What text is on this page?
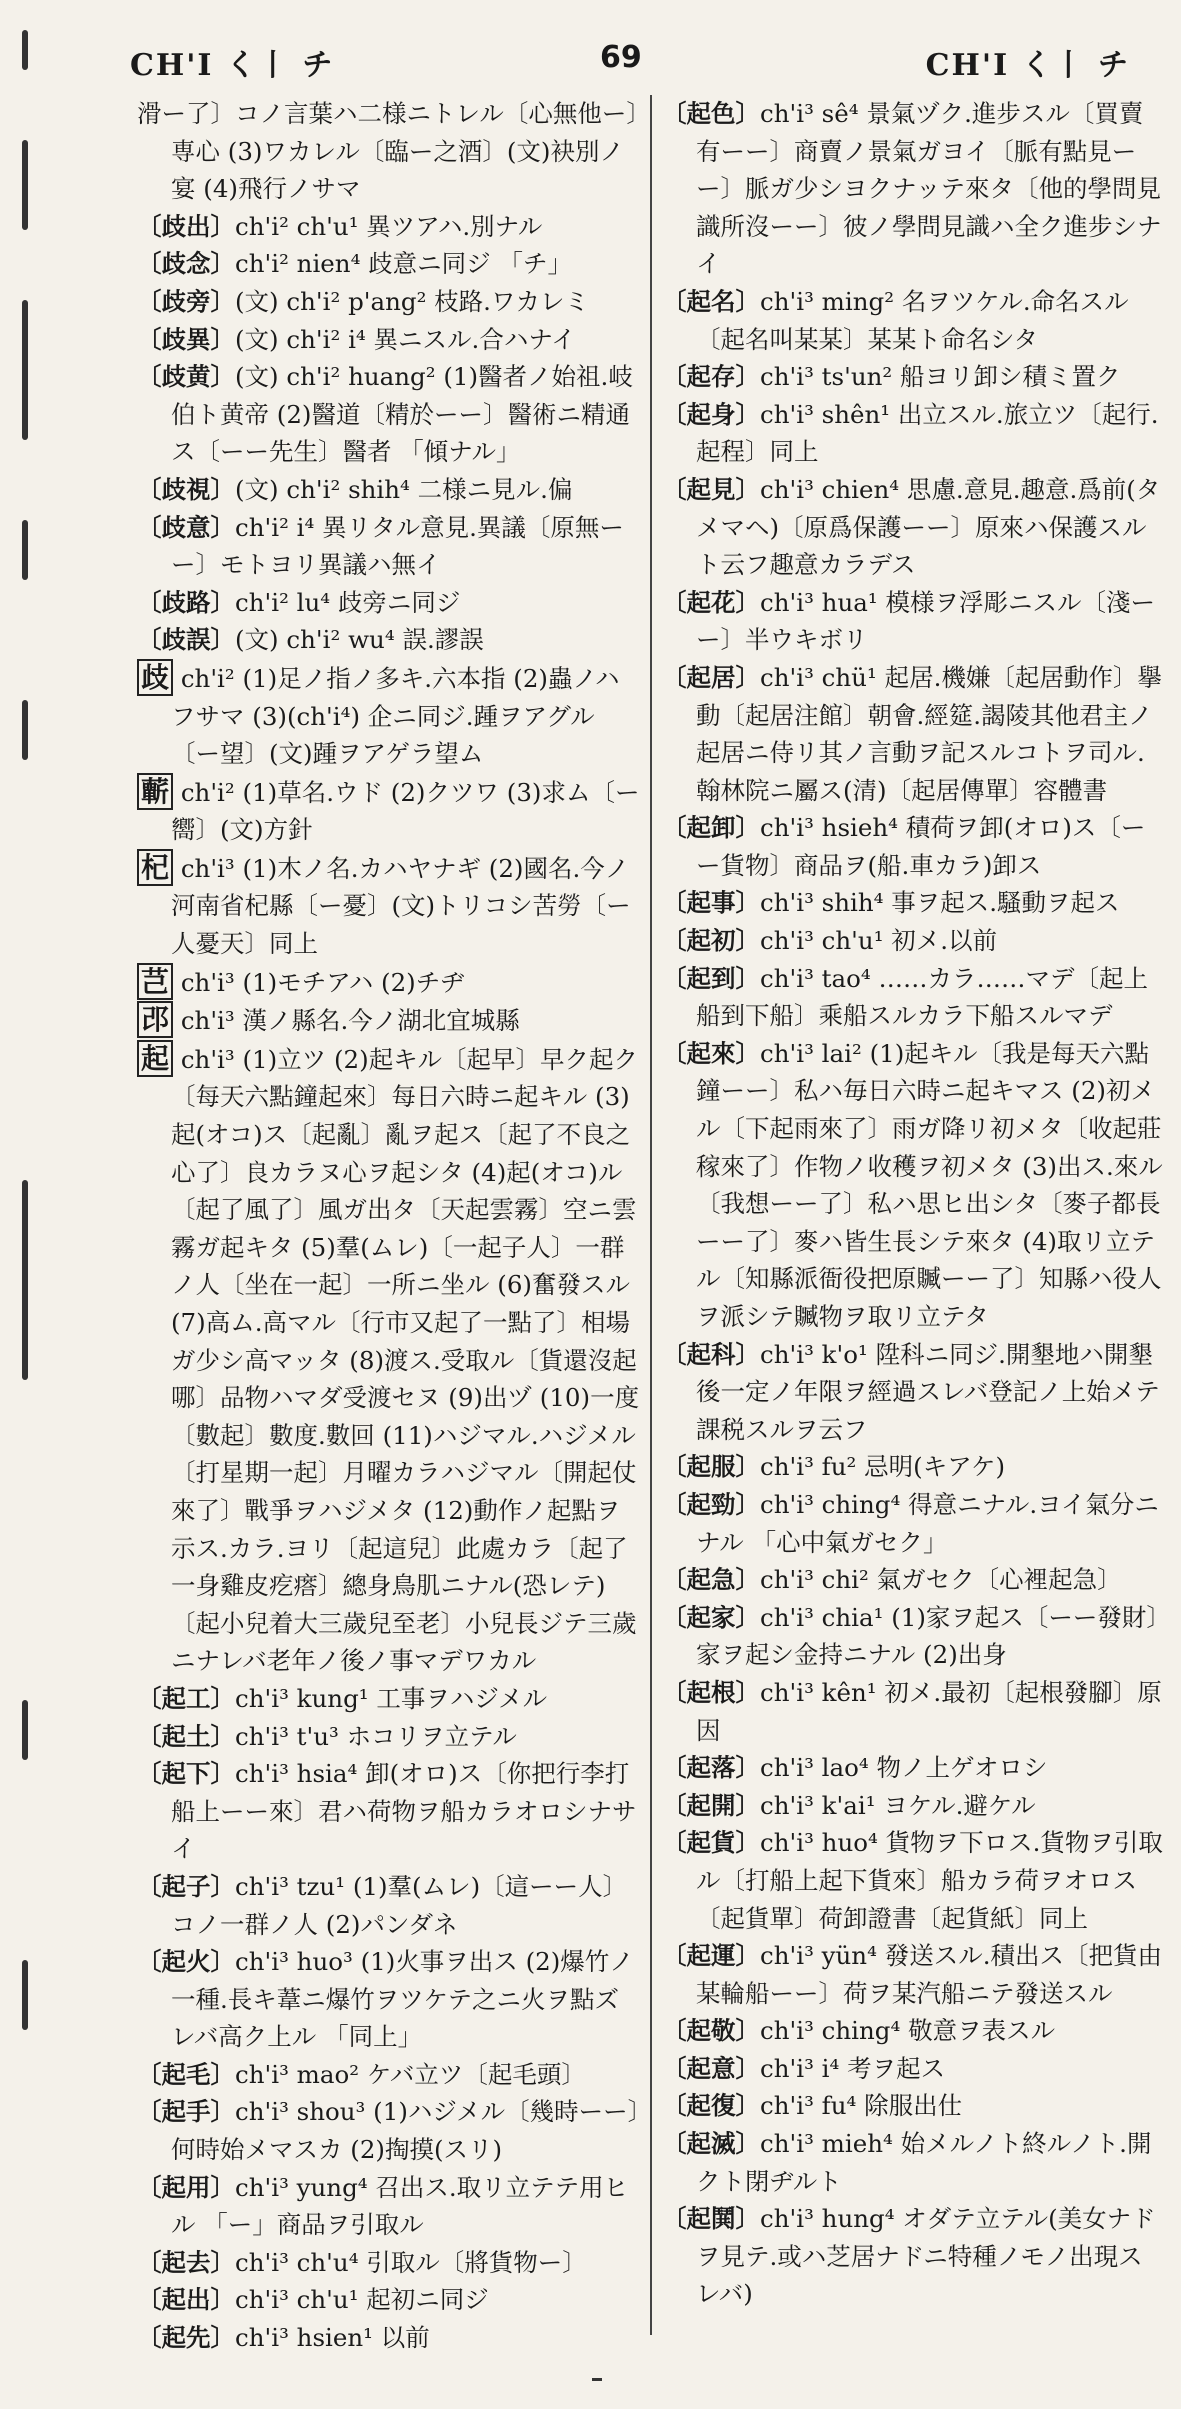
CH'I く丨 チ	69	CH'I く丨 チ

滑ー了〕コノ言葉ハ二様ニトレル〔心無他ー〕専心 (3)ワカレル〔臨ー之酒〕(文)袂別ノ宴 (4)飛行ノサマ

〔歧出〕ch'i² ch'u¹ 異ツアハ.別ナル

〔歧念〕ch'i² nien⁴ 歧意ニ同ジ 「チ」

〔歧旁〕(文) ch'i² p'ang² 枝路.ワカレミ

〔歧異〕(文) ch'i² i⁴ 異ニスル.合ハナイ

〔歧黄〕(文) ch'i² huang² (1)醫者ノ始祖.岐伯ト黄帝 (2)醫道〔精於ーー〕醫術ニ精通ス〔ーー先生〕醫者 「傾ナル」

〔歧視〕(文) ch'i² shih⁴ 二様ニ見ル.偏

〔歧意〕ch'i² i⁴ 異リタル意見.異議〔原無ーー〕モトヨリ異議ハ無イ

〔歧路〕ch'i² lu⁴ 歧旁ニ同ジ

〔歧誤〕(文) ch'i² wu⁴ 誤.謬誤

歧 ch'i² (1)足ノ指ノ多キ.六本指 (2)蟲ノハフサマ (3)(ch'i⁴) 企ニ同ジ.踵ヲアグル〔ー望〕(文)踵ヲアゲラ望ム

蘄 ch'i² (1)草名.ウド (2)クツワ (3)求ム〔ー嚮〕(文)方針

杞 ch'i³ (1)木ノ名.カハヤナギ (2)國名.今ノ河南省杞縣〔ー憂〕(文)トリコシ苦勞〔ー人憂天〕同上

芑 ch'i³ (1)モチアハ (2)チヂ

邔 ch'i³ 漢ノ縣名.今ノ湖北宜城縣

起 ch'i³ (1)立ツ (2)起キル〔起早〕早ク起ク〔每天六點鐘起來〕每日六時ニ起キル (3)起(オコ)ス〔起亂〕亂ヲ起ス〔起了不良之心了〕良カラヌ心ヲ起シタ (4)起(オコ)ル〔起了風了〕風ガ出タ〔天起雲霧〕空ニ雲霧ガ起キタ (5)羣(ムレ)〔一起子人〕一群ノ人〔坐在一起〕一所ニ坐ル (6)奮發スル (7)高ム.高マル〔行市又起了一點了〕相場ガ少シ高マッタ (8)渡ス.受取ル〔貨還沒起哪〕品物ハマダ受渡セヌ (9)出ヅ (10)一度〔數起〕數度.數回 (11)ハジマル.ハジメル〔打星期一起〕月曜カラハジマル〔開起仗來了〕戰爭ヲハジメタ (12)動作ノ起點ヲ示ス.カラ.ヨリ〔起這兒〕此處カラ〔起了一身雞皮疙瘩〕總身鳥肌ニナル(恐レテ)〔起小兒着大三歲兒至老〕小兒長ジテ三歲ニナレバ老年ノ後ノ事マデワカル

〔起工〕ch'i³ kung¹ 工事ヲハジメル

〔起土〕ch'i³ t'u³ ホコリヲ立テル

〔起下〕ch'i³ hsia⁴ 卸(オロ)ス〔你把行李打船上ーー來〕君ハ荷物ヲ船カラオロシナサイ

〔起子〕ch'i³ tzu¹ (1)羣(ムレ)〔這ーー人〕コノ一群ノ人 (2)パンダネ

〔起火〕ch'i³ huo³ (1)火事ヲ出ス (2)爆竹ノ一種.長キ葦ニ爆竹ヲツケテ之ニ火ヲ點ズレバ高ク上ル 「同上」

〔起毛〕ch'i³ mao² ケバ立ツ〔起毛頭〕

〔起手〕ch'i³ shou³ (1)ハジメル〔幾時ーー〕何時始メマスカ (2)掏摸(スリ)

〔起用〕ch'i³ yung⁴ 召出ス.取リ立テテ用ヒル 「ー」商品ヲ引取ル

〔起去〕ch'i³ ch'u⁴ 引取ル〔將貨物ー〕

〔起出〕ch'i³ ch'u¹ 起初ニ同ジ

〔起先〕ch'i³ hsien¹ 以前

〔起色〕ch'i³ sê⁴ 景氣ヅク.進步スル〔買賣有ーー〕商賣ノ景氣ガヨイ〔脈有點見ーー〕脈ガ少シヨクナッテ來タ〔他的學問見識所沒ーー〕彼ノ學問見識ハ全ク進步シナイ

〔起名〕ch'i³ ming² 名ヲツケル.命名スル〔起名叫某某〕某某ト命名シタ

〔起存〕ch'i³ ts'un² 船ヨリ卸シ積ミ置ク

〔起身〕ch'i³ shên¹ 出立スル.旅立ツ〔起行.起程〕同上

〔起見〕ch'i³ chien⁴ 思慮.意見.趣意.爲前(タメマヘ)〔原爲保護ーー〕原來ハ保護スルト云フ趣意カラデス

〔起花〕ch'i³ hua¹ 模様ヲ浮彫ニスル〔淺ーー〕半ウキボリ

〔起居〕ch'i³ chü¹ 起居.機嫌〔起居動作〕擧動〔起居注館〕朝會.經筵.謁陵其他君主ノ起居ニ侍リ其ノ言動ヲ記スルコトヲ司ル.翰林院ニ屬ス(清)〔起居傳單〕容體書

〔起卸〕ch'i³ hsieh⁴ 積荷ヲ卸(オロ)ス〔ーー貨物〕商品ヲ(船.車カラ)卸ス

〔起事〕ch'i³ shih⁴ 事ヲ起ス.騷動ヲ起ス

〔起初〕ch'i³ ch'u¹ 初メ.以前

〔起到〕ch'i³ tao⁴ ……カラ……マデ〔起上船到下船〕乘船スルカラ下船スルマデ

〔起來〕ch'i³ lai² (1)起キル〔我是每天六點鐘ーー〕私ハ毎日六時ニ起キマス (2)初メル〔下起雨來了〕雨ガ降リ初メタ〔收起莊稼來了〕作物ノ收穫ヲ初メタ (3)出ス.來ル〔我想ーー了〕私ハ思ヒ出シタ〔麥子都長ーー了〕麥ハ皆生長シテ來タ (4)取リ立テル〔知縣派衙役把原贓ーー了〕知縣ハ役人ヲ派シテ贓物ヲ取リ立テタ

〔起科〕ch'i³ k'o¹ 陞科ニ同ジ.開墾地ハ開墾後一定ノ年限ヲ經過スレバ登記ノ上始メテ課税スルヲ云フ

〔起服〕ch'i³ fu² 忌明(キアケ)

〔起勁〕ch'i³ ching⁴ 得意ニナル.ヨイ氣分ニナル 「心中氣ガセク」

〔起急〕ch'i³ chi² 氣ガセク〔心裡起急〕

〔起家〕ch'i³ chia¹ (1)家ヲ起ス〔ーー發財〕家ヲ起シ金持ニナル (2)出身

〔起根〕ch'i³ kên¹ 初メ.最初〔起根發腳〕原因

〔起落〕ch'i³ lao⁴ 物ノ上ゲオロシ

〔起開〕ch'i³ k'ai¹ ヨケル.避ケル

〔起貨〕ch'i³ huo⁴ 貨物ヲ下ロス.貨物ヲ引取ル〔打船上起下貨來〕船カラ荷ヲオロス〔起貨單〕荷卸證書〔起貨紙〕同上

〔起運〕ch'i³ yün⁴ 發送スル.積出ス〔把貨由某輪船ーー〕荷ヲ某汽船ニテ發送スル

〔起敬〕ch'i³ ching⁴ 敬意ヲ表スル

〔起意〕ch'i³ i⁴ 考ヲ起ス

〔起復〕ch'i³ fu⁴ 除服出仕

〔起滅〕ch'i³ mieh⁴ 始メルノト終ルノト.開クト閉ヂルト

〔起鬨〕ch'i³ hung⁴ オダテ立テル(美女ナドヲ見テ.或ハ芝居ナドニ特種ノモノ出現スレバ)
